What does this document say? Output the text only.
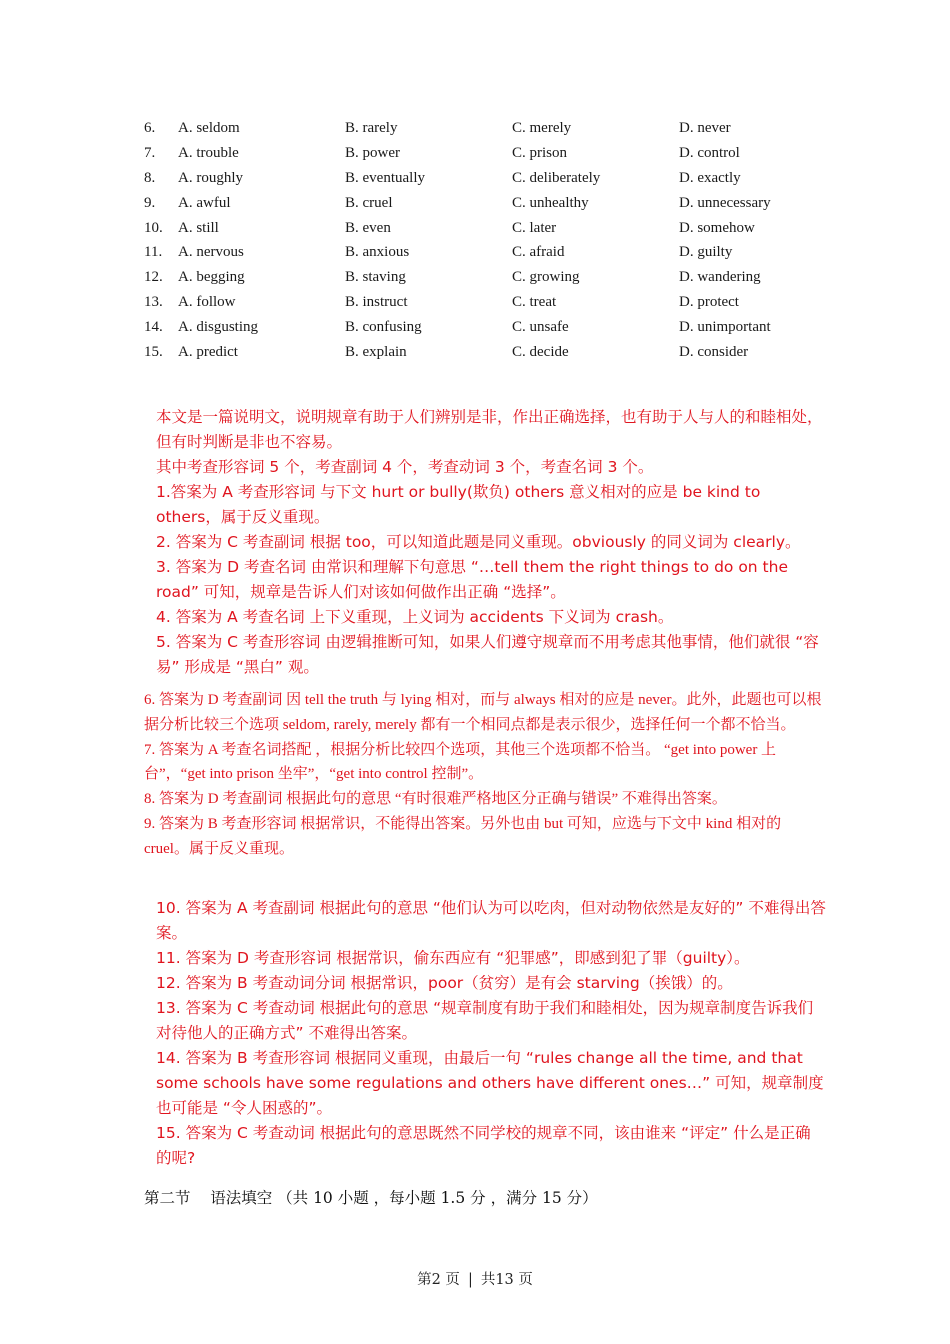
6.	A. seldom	B. rarely	C. merely	D. never
7.	A. trouble	B. power	C. prison	D. control
8.	A. roughly	B. eventually	C. deliberately	D. exactly
9.	A. awful	B. cruel	C. unhealthy	D. unnecessary
10.	A. still	B. even	C. later	D. somehow
11.	A. nervous	B. anxious	C. afraid	D. guilty
12.	A. begging	B. staving	C. growing	D. wandering
13.	A. follow	B. instruct	C. treat	D. protect
14.	A. disgusting	B. confusing	C. unsafe	D. unimportant
15.	A. predict	B. explain	C. decide	D. consider

本文是一篇说明文，说明规章有助于人们辨别是非，作出正确选择，也有助于人与人的和睦相处，但有时判断是非也不容易。

其中考查形容词 5 个，考查副词 4 个，考查动词 3 个，考查名词 3 个。

1.答案为 A 考查形容词 与下文 hurt or bully(欺负) others 意义相对的应是 be kind to others，属于反义重现。

2. 答案为 C 考查副词 根据 too，可以知道此题是同义重现。obviously 的同义词为 clearly。

3. 答案为 D 考查名词 由常识和理解下句意思 “…tell them the right things to do on the road” 可知，规章是告诉人们对该如何做作出正确 “选择”。

4. 答案为 A 考查名词 上下义重现，上义词为 accidents 下义词为 crash。

5. 答案为 C 考查形容词 由逻辑推断可知，如果人们遵守规章而不用考虑其他事情，他们就很 “容易” 形成是 “黑白” 观。

6. 答案为 D 考查副词 因 tell the truth 与 lying 相对，而与 always 相对的应是 never。此外，此题也可以根据分析比较三个选项 seldom, rarely, merely 都有一个相同点都是表示很少，选择任何一个都不恰当。

7. 答案为 A 考查名词搭配 ，根据分析比较四个选项，其他三个选项都不恰当。 “get into power 上台”，“get into prison 坐牢”，“get into control 控制”。

8. 答案为 D 考查副词 根据此句的意思 “有时很难严格地区分正确与错误” 不难得出答案。

9. 答案为 B 考查形容词 根据常识，不能得出答案。另外也由 but 可知，应选与下文中 kind 相对的 cruel。属于反义重现。

10. 答案为 A 考查副词 根据此句的意思 “他们认为可以吃肉，但对动物依然是友好的” 不难得出答案。

11. 答案为 D 考查形容词 根据常识，偷东西应有 “犯罪感”，即感到犯了罪（guilty）。

12. 答案为 B 考查动词分词 根据常识，poor（贫穷）是有会 starving（挨饿）的。

13. 答案为 C 考查动词 根据此句的意思 “规章制度有助于我们和睦相处，因为规章制度告诉我们对待他人的正确方式” 不难得出答案。

14. 答案为 B 考查形容词 根据同义重现，由最后一句 “rules change all the time, and that some schools have some regulations and others have different ones…” 可知，规章制度也可能是 “令人困惑的”。

15. 答案为 C 考查动词 根据此句的意思既然不同学校的规章不同，该由谁来 “评定” 什么是正确的呢?

第二节    语法填空 （共 10 小题 ，每小题 1.5 分 ，满分 15 分）
第2 页 | 共13 页
